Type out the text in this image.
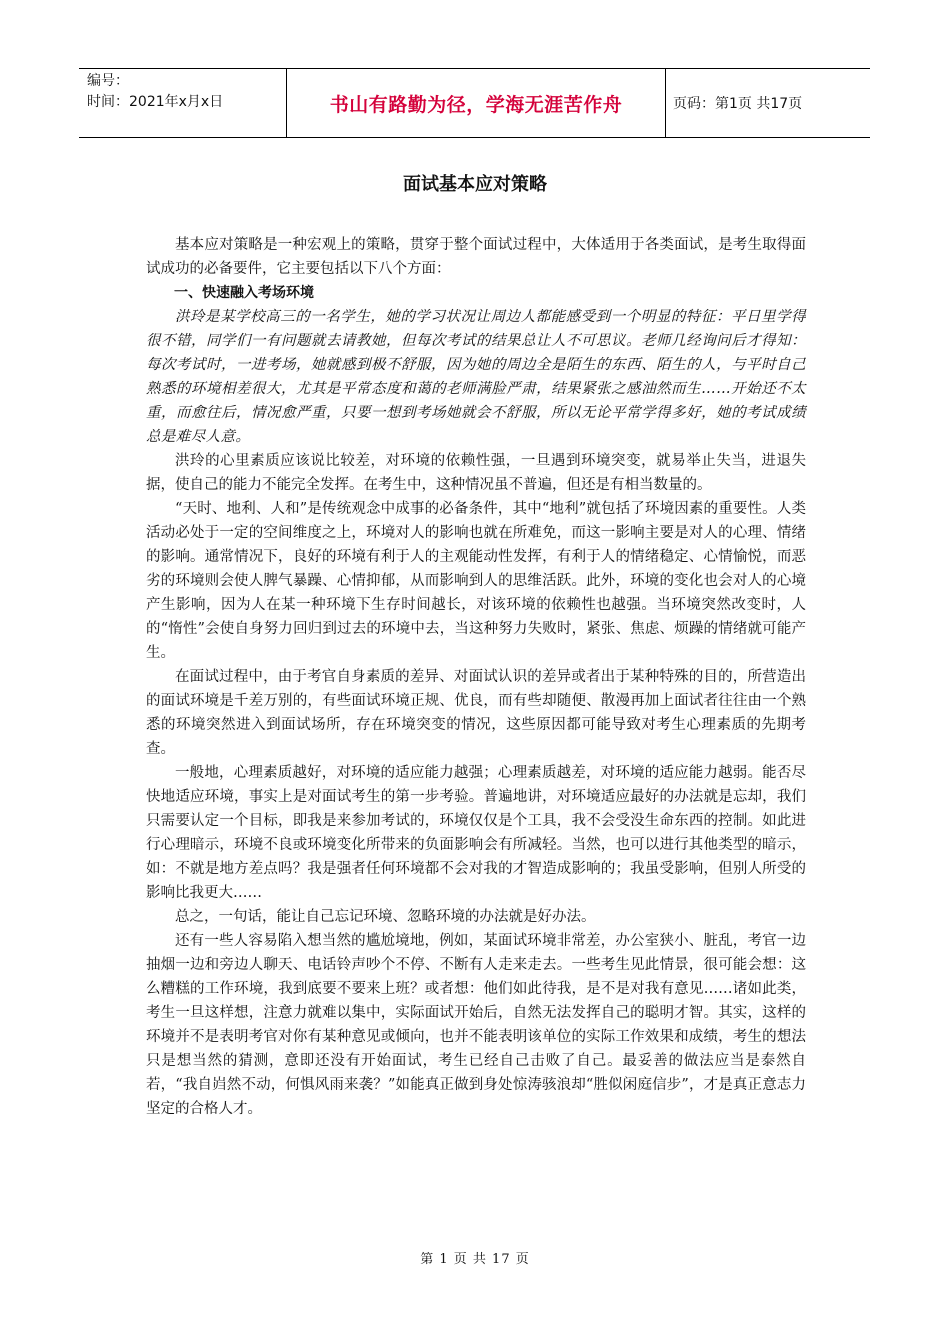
编号：
时间：2021年x月x日	书山有路勤为径，学海无涯苦作舟	页码：第1页 共17页
面试基本应对策略

基本应对策略是一种宏观上的策略，贯穿于整个面试过程中，大体适用于各类面试，是考生取得面试成功的必备要件，它主要包括以下八个方面：

一、快速融入考场环境

洪玲是某学校高三的一名学生，她的学习状况让周边人都能感受到一个明显的特征：平日里学得很不错，同学们一有问题就去请教她，但每次考试的结果总让人不可思议。老师几经询问后才得知：每次考试时，一进考场，她就感到极不舒服，因为她的周边全是陌生的东西、陌生的人，与平时自己熟悉的环境相差很大，尤其是平常态度和蔼的老师满脸严肃，结果紧张之感油然而生……开始还不太重，而愈往后，情况愈严重，只要一想到考场她就会不舒服，所以无论平常学得多好，她的考试成绩总是难尽人意。

洪玲的心里素质应该说比较差，对环境的依赖性强，一旦遇到环境突变，就易举止失当，进退失据，使自己的能力不能完全发挥。在考生中，这种情况虽不普遍，但还是有相当数量的。

“天时、地利、人和”是传统观念中成事的必备条件，其中“地利”就包括了环境因素的重要性。人类活动必处于一定的空间维度之上，环境对人的影响也就在所难免，而这一影响主要是对人的心理、情绪的影响。通常情况下，良好的环境有利于人的主观能动性发挥，有利于人的情绪稳定、心情愉悦，而恶劣的环境则会使人脾气暴躁、心情抑郁，从而影响到人的思维活跃。此外，环境的变化也会对人的心境产生影响，因为人在某一种环境下生存时间越长，对该环境的依赖性也越强。当环境突然改变时，人的“惰性”会使自身努力回归到过去的环境中去，当这种努力失败时，紧张、焦虑、烦躁的情绪就可能产生。

在面试过程中，由于考官自身素质的差异、对面试认识的差异或者出于某种特殊的目的，所营造出的面试环境是千差万别的，有些面试环境正规、优良，而有些却随便、散漫再加上面试者往往由一个熟悉的环境突然进入到面试场所，存在环境突变的情况，这些原因都可能导致对考生心理素质的先期考查。

一般地，心理素质越好，对环境的适应能力越强；心理素质越差，对环境的适应能力越弱。能否尽快地适应环境，事实上是对面试考生的第一步考验。普遍地讲，对环境适应最好的办法就是忘却，我们只需要认定一个目标，即我是来参加考试的，环境仅仅是个工具，我不会受没生命东西的控制。如此进行心理暗示，环境不良或环境变化所带来的负面影响会有所减轻。当然，也可以进行其他类型的暗示，如：不就是地方差点吗？我是强者任何环境都不会对我的才智造成影响的；我虽受影响，但别人所受的影响比我更大……

总之，一句话，能让自己忘记环境、忽略环境的办法就是好办法。

还有一些人容易陷入想当然的尴尬境地，例如，某面试环境非常差，办公室狭小、脏乱，考官一边抽烟一边和旁边人聊天、电话铃声吵个不停、不断有人走来走去。一些考生见此情景，很可能会想：这么糟糕的工作环境，我到底要不要来上班？或者想：他们如此待我，是不是对我有意见……诸如此类，考生一旦这样想，注意力就难以集中，实际面试开始后，自然无法发挥自己的聪明才智。其实，这样的环境并不是表明考官对你有某种意见或倾向，也并不能表明该单位的实际工作效果和成绩，考生的想法只是想当然的猜测，意即还没有开始面试，考生已经自己击败了自己。最妥善的做法应当是泰然自若，“我自岿然不动，何惧风雨来袭？”如能真正做到身处惊涛骇浪却“胜似闲庭信步”，才是真正意志力坚定的合格人才。

第 1 页 共 17 页
